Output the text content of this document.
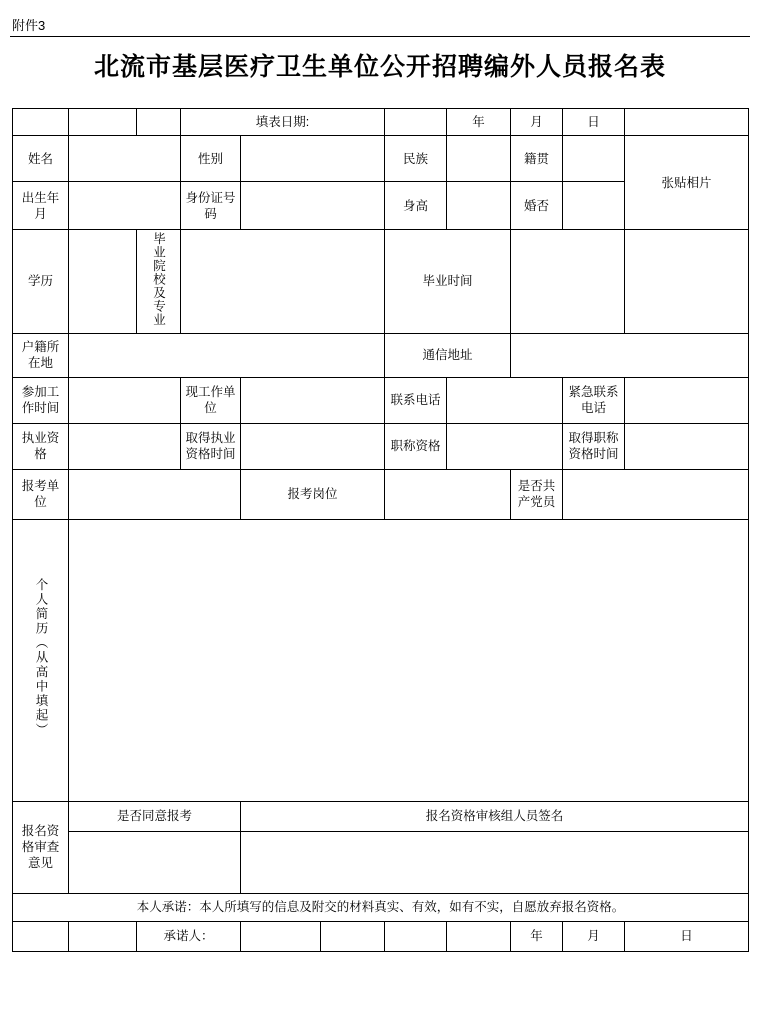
附件3
北流市基层医疗卫生单位公开招聘编外人员报名表
			填表日期:				年	月	日	
姓名			性别			民族		籍贯		张贴相片
出生年月			身份证号码			身高		婚否		
学历		毕业院校及专业				毕业时间				
户籍所在地						通信地址				
参加工作时间			现工作单位			联系电话			紧急联系电话	
执业资格			取得执业资格时间			职称资格			取得职称资格时间	
报考单位				报考岗位				是否共产党员		
个人简历（从高中填起）										
报名资格审查意见	是否同意报考			报名资格审核组人员签名						

本人承诺：本人所填写的信息及附交的材料真实、有效，如有不实，自愿放弃报名资格。										
		承诺人：						年	月	日
